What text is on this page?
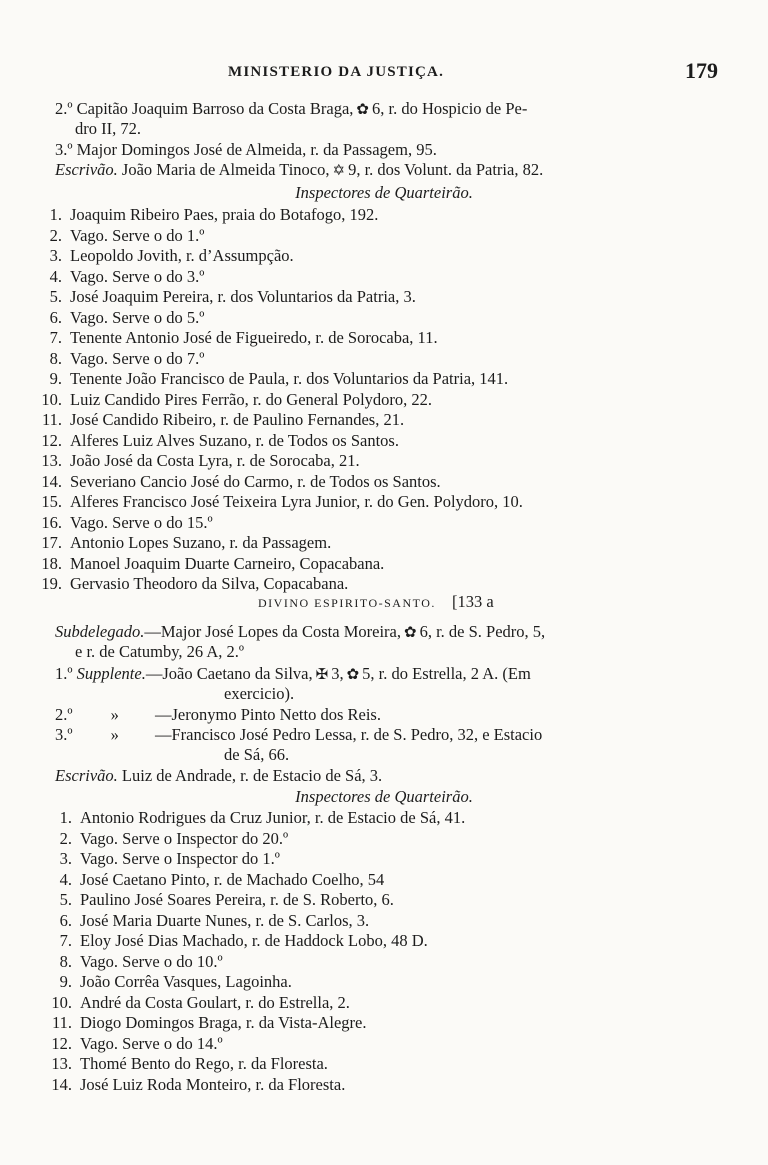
MINISTERIO DA JUSTIÇA.	179
2.º Capitão Joaquim Barroso da Costa Braga, ✿ 6, r. do Hospicio de Pe-
dro II, 72.
3.º Major Domingos José de Almeida, r. da Passagem, 95.
Escrivão. João Maria de Almeida Tinoco, ✡ 9, r. dos Volunt. da Patria, 82.
Inspectores de Quarteirão.
1. Joaquim Ribeiro Paes, praia do Botafogo, 192.
2. Vago. Serve o do 1.º
3. Leopoldo Jovith, r. d’Assumpção.
4. Vago. Serve o do 3.º
5. José Joaquim Pereira, r. dos Voluntarios da Patria, 3.
6. Vago. Serve o do 5.º
7. Tenente Antonio José de Figueiredo, r. de Sorocaba, 11.
8. Vago. Serve o do 7.º
9. Tenente João Francisco de Paula, r. dos Voluntarios da Patria, 141.
10. Luiz Candido Pires Ferrão, r. do General Polydoro, 22.
11. José Candido Ribeiro, r. de Paulino Fernandes, 21.
12. Alferes Luiz Alves Suzano, r. de Todos os Santos.
13. João José da Costa Lyra, r. de Sorocaba, 21.
14. Severiano Cancio José do Carmo, r. de Todos os Santos.
15. Alferes Francisco José Teixeira Lyra Junior, r. do Gen. Polydoro, 10.
16. Vago. Serve o do 15.º
17. Antonio Lopes Suzano, r. da Passagem.
18. Manoel Joaquim Duarte Carneiro, Copacabana.
19. Gervasio Theodoro da Silva, Copacabana.
DIVINO ESPIRITO-SANTO. [133 a
Subdelegado.—Major José Lopes da Costa Moreira, ✿ 6, r. de S. Pedro, 5,
e r. de Catumby, 26 A, 2.º
1.º Supplente.—João Caetano da Silva, ✠ 3, ✿ 5, r. do Estrella, 2 A. (Em
exercicio).
2.º » —Jeronymo Pinto Netto dos Reis.
3.º » —Francisco José Pedro Lessa, r. de S. Pedro, 32, e Estacio
de Sá, 66.
Escrivão. Luiz de Andrade, r. de Estacio de Sá, 3.
Inspectores de Quarteirão.
1. Antonio Rodrigues da Cruz Junior, r. de Estacio de Sá, 41.
2. Vago. Serve o Inspector do 20.º
3. Vago. Serve o Inspector do 1.º
4. José Caetano Pinto, r. de Machado Coelho, 54
5. Paulino José Soares Pereira, r. de S. Roberto, 6.
6. José Maria Duarte Nunes, r. de S. Carlos, 3.
7. Eloy José Dias Machado, r. de Haddock Lobo, 48 D.
8. Vago. Serve o do 10.º
9. João Corrêa Vasques, Lagoinha.
10. André da Costa Goulart, r. do Estrella, 2.
11. Diogo Domingos Braga, r. da Vista-Alegre.
12. Vago. Serve o do 14.º
13. Thomé Bento do Rego, r. da Floresta.
14. José Luiz Roda Monteiro, r. da Floresta.
